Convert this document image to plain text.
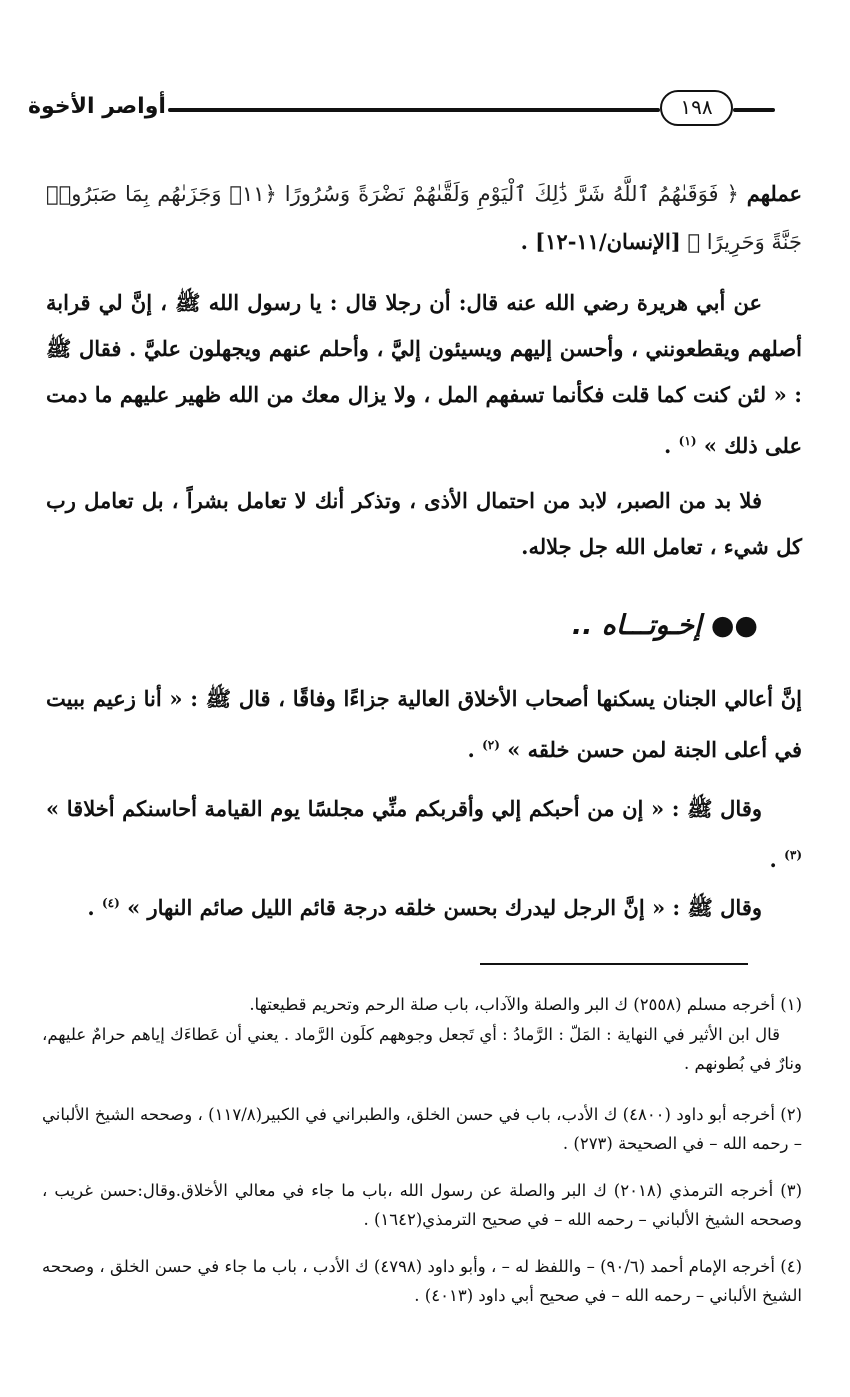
أواصر الأخوة	١٩٨

عملهم ﴿ فَوَقَىٰهُمُ ٱللَّهُ شَرَّ ذَٰلِكَ ٱلْيَوْمِ وَلَقَّىٰهُمْ نَضْرَةً وَسُرُورًا ﴿١١﴾ وَجَزَىٰهُم بِمَا صَبَرُوا۟ جَنَّةً وَحَرِيرًا ﴾ [الإنسان/١١-١٢] .

عن أبي هريرة رضي الله عنه قال: أن رجلا قال : يا رسول الله ﷺ ، إنَّ لي قرابة أصلهم ويقطعونني ، وأحسن إليهم ويسيئون إليَّ ، وأحلم عنهم ويجهلون عليَّ . فقال ﷺ : « لئن كنت كما قلت فكأنما تسفهم المل ، ولا يزال معك من الله ظهير عليهم ما دمت على ذلك » $^{(١)}$ .

فلا بد من الصبر، لابد من احتمال الأذى ، وتذكر أنك لا تعامل بشراً ، بل تعامل رب كل شيء ، تعامل الله جل جلاله.

●● إخـوتـــاه ..

إنَّ أعالي الجنان يسكنها أصحاب الأخلاق العالية جزاءًا وفاقًا ، قال ﷺ : « أنا زعيم ببيت في أعلى الجنة لمن حسن خلقه » $^{(٢)}$ .

وقال ﷺ : « إن من أحبكم إلي وأقربكم منِّي مجلسًا يوم القيامة أحاسنكم أخلاقا » $^{(٣)}$ .

وقال ﷺ : « إنَّ الرجل ليدرك بحسن خلقه درجة قائم الليل صائم النهار » $^{(٤)}$ .

(١) أخرجه مسلم (٢٥٥٨) ك البر والصلة والآداب، باب صلة الرحم وتحريم قطيعتها.

قال ابن الأثير في النهاية : المَلّ : الرَّمادُ : أي تَجعل وجوههم كلَون الرَّماد . يعني أن عَطاءَك إياهم حرامٌ عليهم، ونارٌ في بُطونهم .

(٢) أخرجه أبو داود (٤٨٠٠) ك الأدب، باب في حسن الخلق، والطبراني في الكبير(١١٧/٨) ، وصححه الشيخ الألباني – رحمه الله – في الصحيحة (٢٧٣) .

(٣) أخرجه الترمذي (٢٠١٨) ك البر والصلة عن رسول الله ،باب ما جاء في معالي الأخلاق.وقال:حسن غريب ، وصححه الشيخ الألباني – رحمه الله – في صحيح الترمذي(١٦٤٢) .

(٤) أخرجه الإمام أحمد (٩٠/٦) – واللفظ له – ، وأبو داود (٤٧٩٨) ك الأدب ، باب ما جاء في حسن الخلق ، وصححه الشيخ الألباني – رحمه الله – في صحيح أبي داود (٤٠١٣) .
